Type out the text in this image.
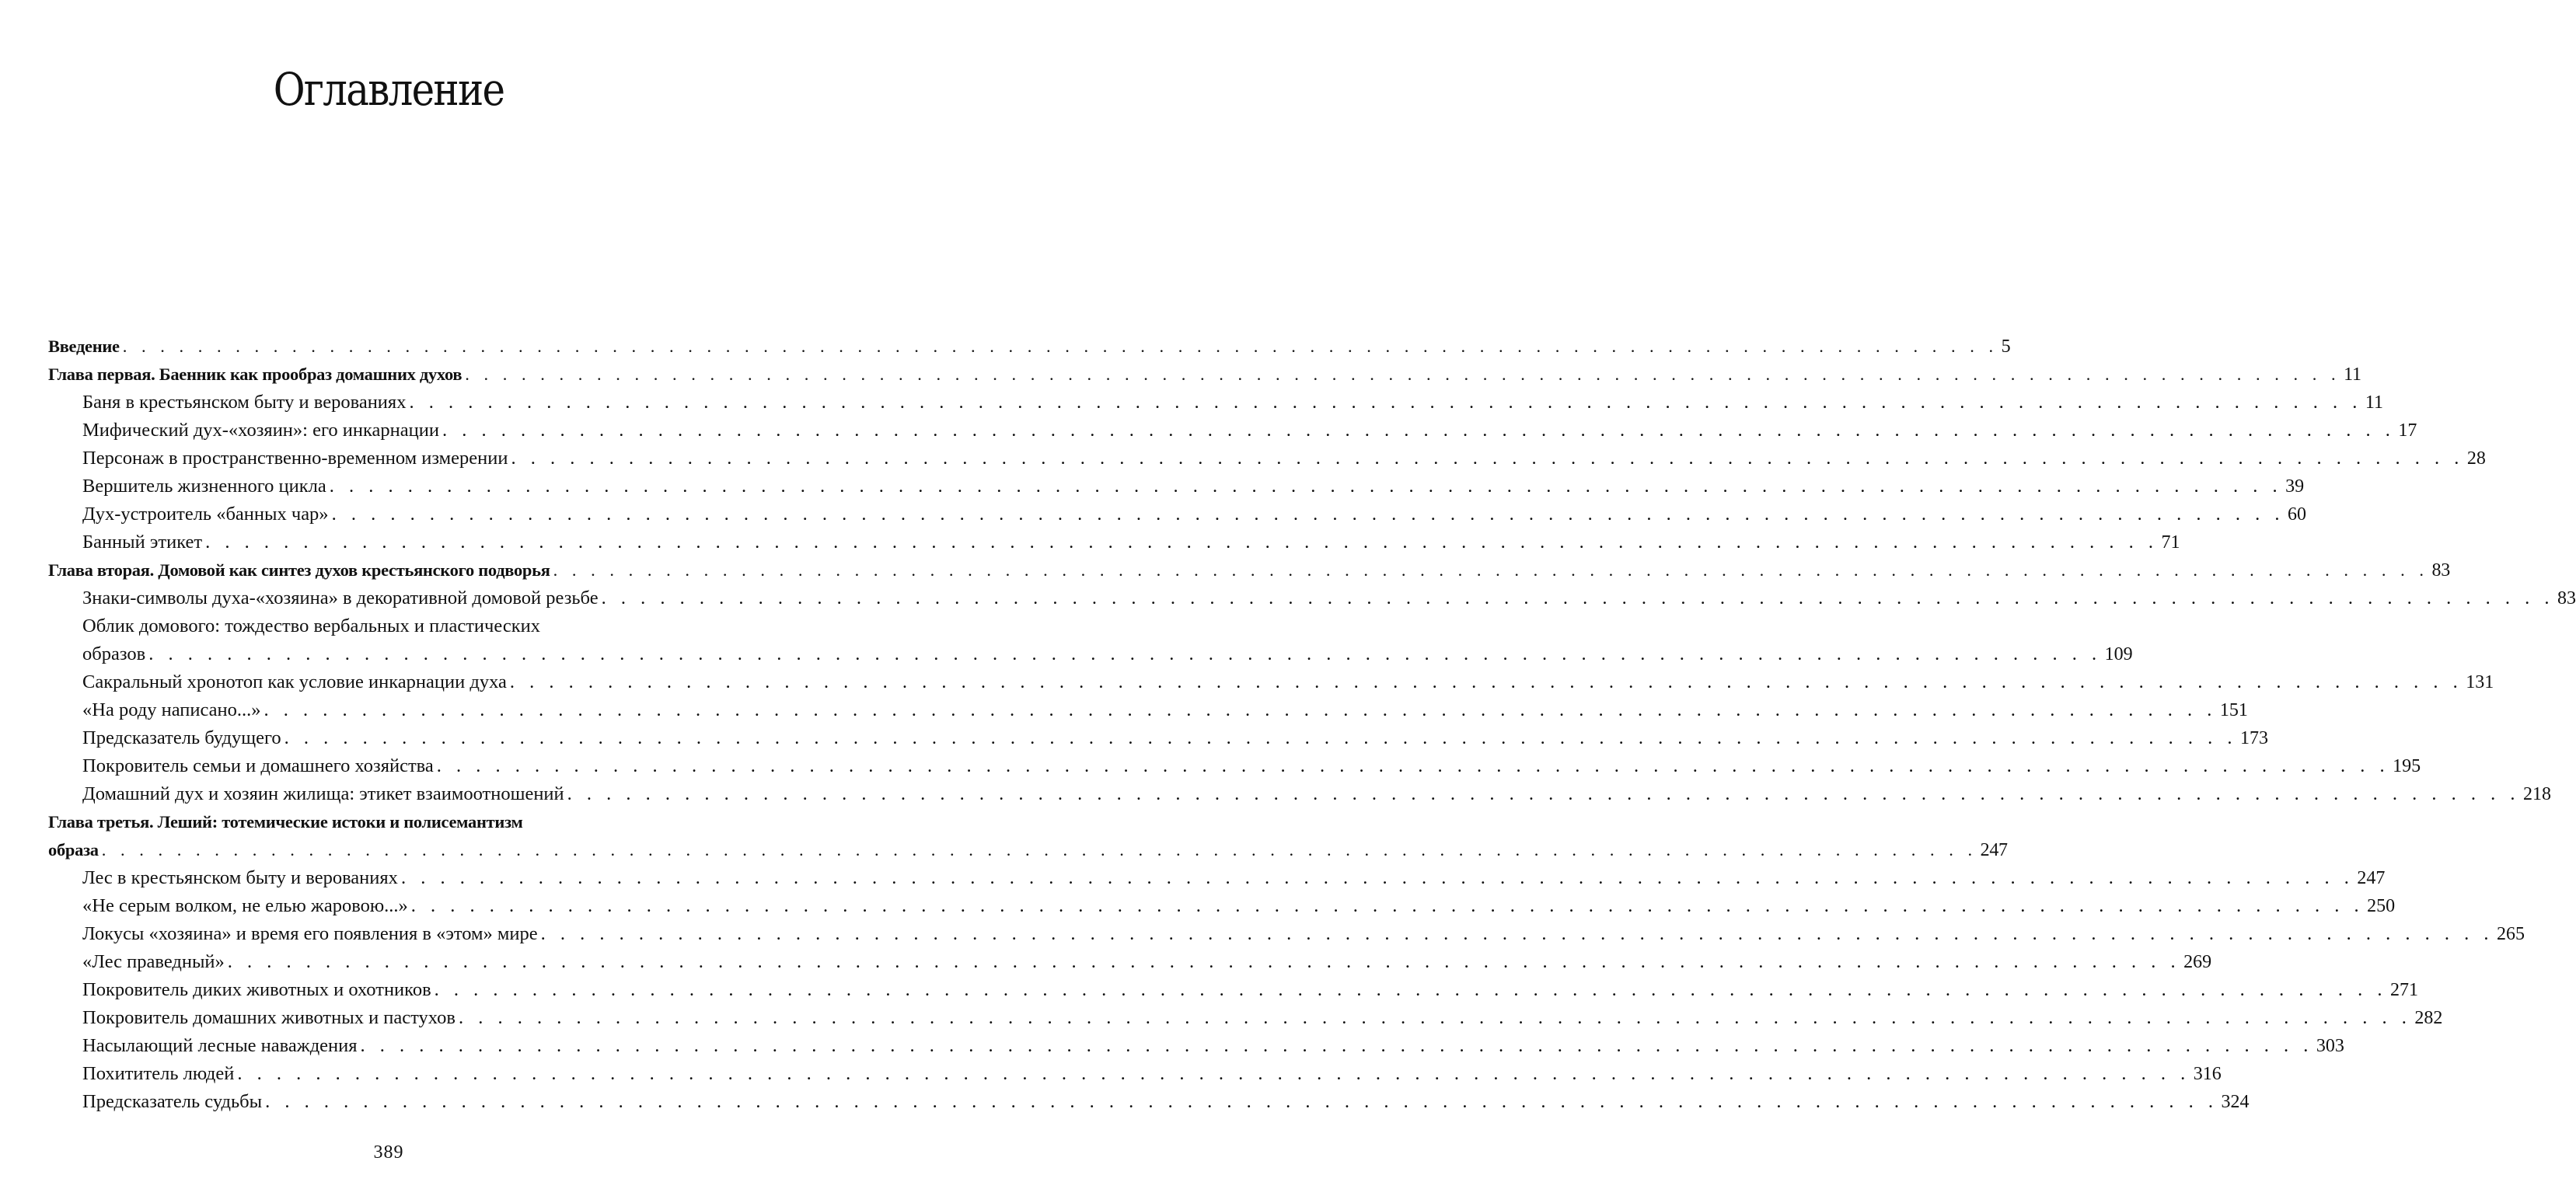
Оглавление
Введение . . . . . . . . . . . . . . . . . . . . . . . . . . . . . . . . . . . . . . . . . . . . . . . . . . . . . . . . . . . . . . . . . . . . . . . . . . . . . . . . . . . . . . . . . . . . . . . . . . . . 5
Глава первая. Баенник как прообраз домашних духов . . . . . . . . . . . . . . . . . . . . . . . . . . . . . . . . . . . . . . . . . . . . . . . . . . . . . . . . . . . . . . . . . . . . . . . . . . . . . . . . . . . . . . . . . . . . . . . . . . . . 11
Баня в крестьянском быту и верованиях . . . . . . . . . . . . . . . . . . . . . . . . . . . . . . . . . . . . . . . . . . . . . . . . . . . . . . . . . . . . . . . . . . . . . . . . . . . . . . . . . . . . . . . . . . . . . . . . . . . . 11
Мифический дух-«хозяин»: его инкарнации . . . . . . . . . . . . . . . . . . . . . . . . . . . . . . . . . . . . . . . . . . . . . . . . . . . . . . . . . . . . . . . . . . . . . . . . . . . . . . . . . . . . . . . . . . . . . . . . . . . . 17
Персонаж в пространственно-временном измерении . . . . . . . . . . . . . . . . . . . . . . . . . . . . . . . . . . . . . . . . . . . . . . . . . . . . . . . . . . . . . . . . . . . . . . . . . . . . . . . . . . . . . . . . . . . . . . . . . . . . 28
Вершитель жизненного цикла . . . . . . . . . . . . . . . . . . . . . . . . . . . . . . . . . . . . . . . . . . . . . . . . . . . . . . . . . . . . . . . . . . . . . . . . . . . . . . . . . . . . . . . . . . . . . . . . . . . . 39
Дух-устроитель «банных чар» . . . . . . . . . . . . . . . . . . . . . . . . . . . . . . . . . . . . . . . . . . . . . . . . . . . . . . . . . . . . . . . . . . . . . . . . . . . . . . . . . . . . . . . . . . . . . . . . . . . . 60
Банный этикет . . . . . . . . . . . . . . . . . . . . . . . . . . . . . . . . . . . . . . . . . . . . . . . . . . . . . . . . . . . . . . . . . . . . . . . . . . . . . . . . . . . . . . . . . . . . . . . . . . . . 71
Глава вторая. Домовой как синтез духов крестьянского подворья . . . . . . . . . . . . . . . . . . . . . . . . . . . . . . . . . . . . . . . . . . . . . . . . . . . . . . . . . . . . . . . . . . . . . . . . . . . . . . . . . . . . . . . . . . . . . . . . . . . . 83
Знаки-символы духа-«хозяина» в декоративной домовой резьбе . . . . . . . . . . . . . . . . . . . . . . . . . . . . . . . . . . . . . . . . . . . . . . . . . . . . . . . . . . . . . . . . . . . . . . . . . . . . . . . . . . . . . . . . . . . . . . . . . . . . 83
Облик домового: тождество вербальных и пластических
образов . . . . . . . . . . . . . . . . . . . . . . . . . . . . . . . . . . . . . . . . . . . . . . . . . . . . . . . . . . . . . . . . . . . . . . . . . . . . . . . . . . . . . . . . . . . . . . . . . . . . 109
Сакральный хронотоп как условие инкарнации духа . . . . . . . . . . . . . . . . . . . . . . . . . . . . . . . . . . . . . . . . . . . . . . . . . . . . . . . . . . . . . . . . . . . . . . . . . . . . . . . . . . . . . . . . . . . . . . . . . . . . 131
«На роду написано...» . . . . . . . . . . . . . . . . . . . . . . . . . . . . . . . . . . . . . . . . . . . . . . . . . . . . . . . . . . . . . . . . . . . . . . . . . . . . . . . . . . . . . . . . . . . . . . . . . . . . 151
Предсказатель будущего . . . . . . . . . . . . . . . . . . . . . . . . . . . . . . . . . . . . . . . . . . . . . . . . . . . . . . . . . . . . . . . . . . . . . . . . . . . . . . . . . . . . . . . . . . . . . . . . . . . . 173
Покровитель семьи и домашнего хозяйства . . . . . . . . . . . . . . . . . . . . . . . . . . . . . . . . . . . . . . . . . . . . . . . . . . . . . . . . . . . . . . . . . . . . . . . . . . . . . . . . . . . . . . . . . . . . . . . . . . . . 195
Домашний дух и хозяин жилища: этикет взаимоотношений . . . . . . . . . . . . . . . . . . . . . . . . . . . . . . . . . . . . . . . . . . . . . . . . . . . . . . . . . . . . . . . . . . . . . . . . . . . . . . . . . . . . . . . . . . . . . . . . . . . . 218
Глава третья. Леший: тотемические истоки и полисемантизм
образа . . . . . . . . . . . . . . . . . . . . . . . . . . . . . . . . . . . . . . . . . . . . . . . . . . . . . . . . . . . . . . . . . . . . . . . . . . . . . . . . . . . . . . . . . . . . . . . . . . . . 247
Лес в крестьянском быту и верованиях . . . . . . . . . . . . . . . . . . . . . . . . . . . . . . . . . . . . . . . . . . . . . . . . . . . . . . . . . . . . . . . . . . . . . . . . . . . . . . . . . . . . . . . . . . . . . . . . . . . . 247
«Не серым волком, не елью жаровою...» . . . . . . . . . . . . . . . . . . . . . . . . . . . . . . . . . . . . . . . . . . . . . . . . . . . . . . . . . . . . . . . . . . . . . . . . . . . . . . . . . . . . . . . . . . . . . . . . . . . . 250
Локусы «хозяина» и время его появления в «этом» мире . . . . . . . . . . . . . . . . . . . . . . . . . . . . . . . . . . . . . . . . . . . . . . . . . . . . . . . . . . . . . . . . . . . . . . . . . . . . . . . . . . . . . . . . . . . . . . . . . . . . 265
«Лес праведный» . . . . . . . . . . . . . . . . . . . . . . . . . . . . . . . . . . . . . . . . . . . . . . . . . . . . . . . . . . . . . . . . . . . . . . . . . . . . . . . . . . . . . . . . . . . . . . . . . . . . 269
Покровитель диких животных и охотников . . . . . . . . . . . . . . . . . . . . . . . . . . . . . . . . . . . . . . . . . . . . . . . . . . . . . . . . . . . . . . . . . . . . . . . . . . . . . . . . . . . . . . . . . . . . . . . . . . . . 271
Покровитель домашних животных и пастухов . . . . . . . . . . . . . . . . . . . . . . . . . . . . . . . . . . . . . . . . . . . . . . . . . . . . . . . . . . . . . . . . . . . . . . . . . . . . . . . . . . . . . . . . . . . . . . . . . . . . 282
Насылающий лесные наваждения . . . . . . . . . . . . . . . . . . . . . . . . . . . . . . . . . . . . . . . . . . . . . . . . . . . . . . . . . . . . . . . . . . . . . . . . . . . . . . . . . . . . . . . . . . . . . . . . . . . . 303
Похититель людей . . . . . . . . . . . . . . . . . . . . . . . . . . . . . . . . . . . . . . . . . . . . . . . . . . . . . . . . . . . . . . . . . . . . . . . . . . . . . . . . . . . . . . . . . . . . . . . . . . . . 316
Предсказатель судьбы . . . . . . . . . . . . . . . . . . . . . . . . . . . . . . . . . . . . . . . . . . . . . . . . . . . . . . . . . . . . . . . . . . . . . . . . . . . . . . . . . . . . . . . . . . . . . . . . . . . . 324
389
